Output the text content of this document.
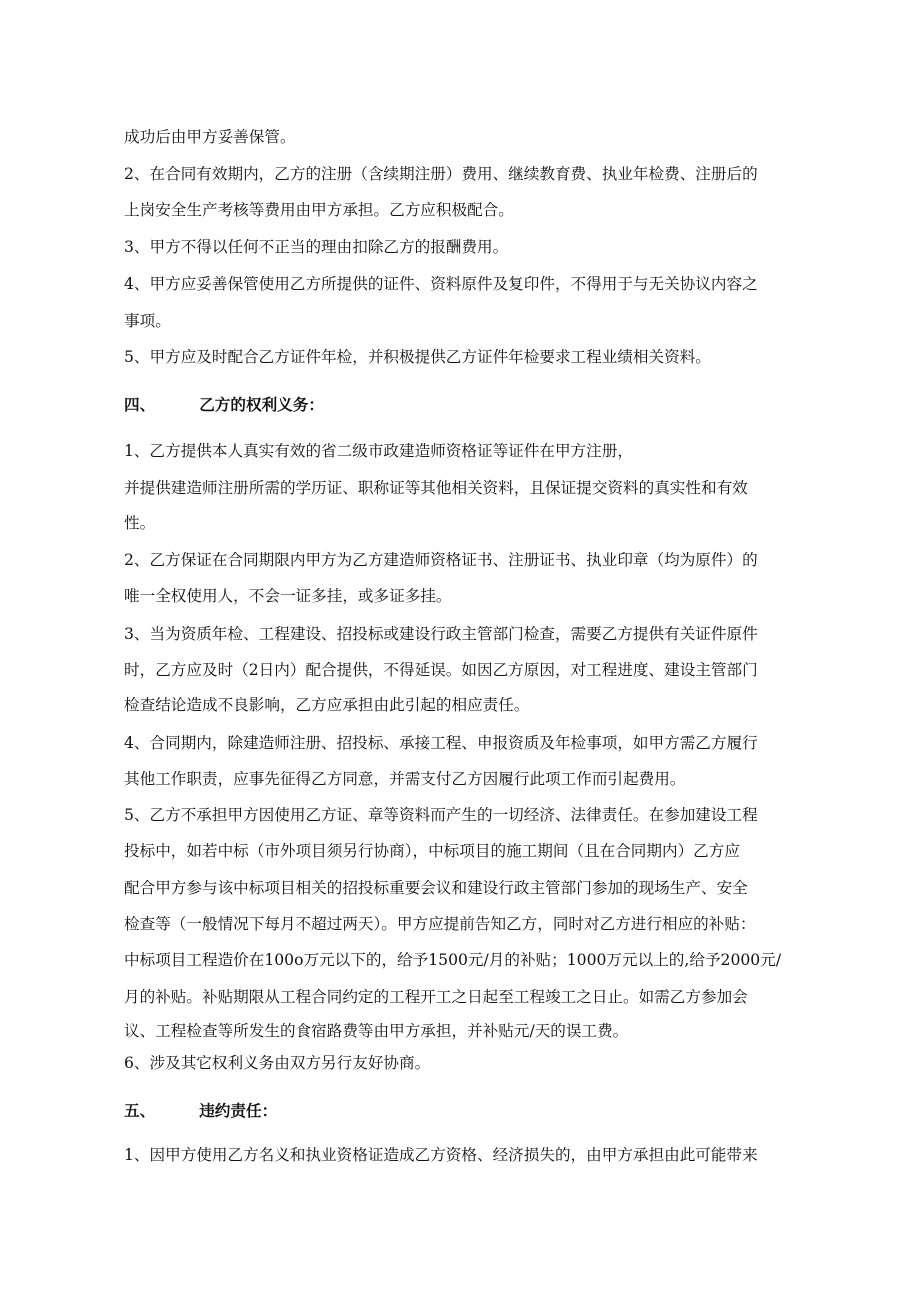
成功后由甲方妥善保管。

2、在合同有效期内，乙方的注册（含续期注册）费用、继续教育费、执业年检费、注册后的

上岗安全生产考核等费用由甲方承担。乙方应积极配合。

3、甲方不得以任何不正当的理由扣除乙方的报酬费用。

4、甲方应妥善保管使用乙方所提供的证件、资料原件及复印件，不得用于与无关协议内容之

事项。

5、甲方应及时配合乙方证件年检，并积极提供乙方证件年检要求工程业绩相关资料。

四、	乙方的权利义务：

1、乙方提供本人真实有效的省二级市政建造师资格证等证件在甲方注册，

并提供建造师注册所需的学历证、职称证等其他相关资料，且保证提交资料的真实性和有效

性。

2、乙方保证在合同期限内甲方为乙方建造师资格证书、注册证书、执业印章（均为原件）的

唯一全权使用人，不会一证多挂，或多证多挂。

3、当为资质年检、工程建设、招投标或建设行政主管部门检查，需要乙方提供有关证件原件

时，乙方应及时（2日内）配合提供，不得延误。如因乙方原因，对工程进度、建设主管部门

检查结论造成不良影响，乙方应承担由此引起的相应责任。

4、合同期内，除建造师注册、招投标、承接工程、申报资质及年检事项，如甲方需乙方履行

其他工作职责，应事先征得乙方同意，并需支付乙方因履行此项工作而引起费用。

5、乙方不承担甲方因使用乙方证、章等资料而产生的一切经济、法律责任。在参加建设工程

投标中，如若中标（市外项目须另行协商），中标项目的施工期间（且在合同期内）乙方应

配合甲方参与该中标项目相关的招投标重要会议和建设行政主管部门参加的现场生产、安全

检查等（一般情况下每月不超过两天）。甲方应提前告知乙方，同时对乙方进行相应的补贴：

中标项目工程造价在100o万元以下的，给予1500元/月的补贴；1000万元以上的,给予2000元/

月的补贴。补贴期限从工程合同约定的工程开工之日起至工程竣工之日止。如需乙方参加会

议、工程检查等所发生的食宿路费等由甲方承担，并补贴元/天的误工费。

6、涉及其它权利义务由双方另行友好协商。

五、	违约责任：

1、因甲方使用乙方名义和执业资格证造成乙方资格、经济损失的，由甲方承担由此可能带来
